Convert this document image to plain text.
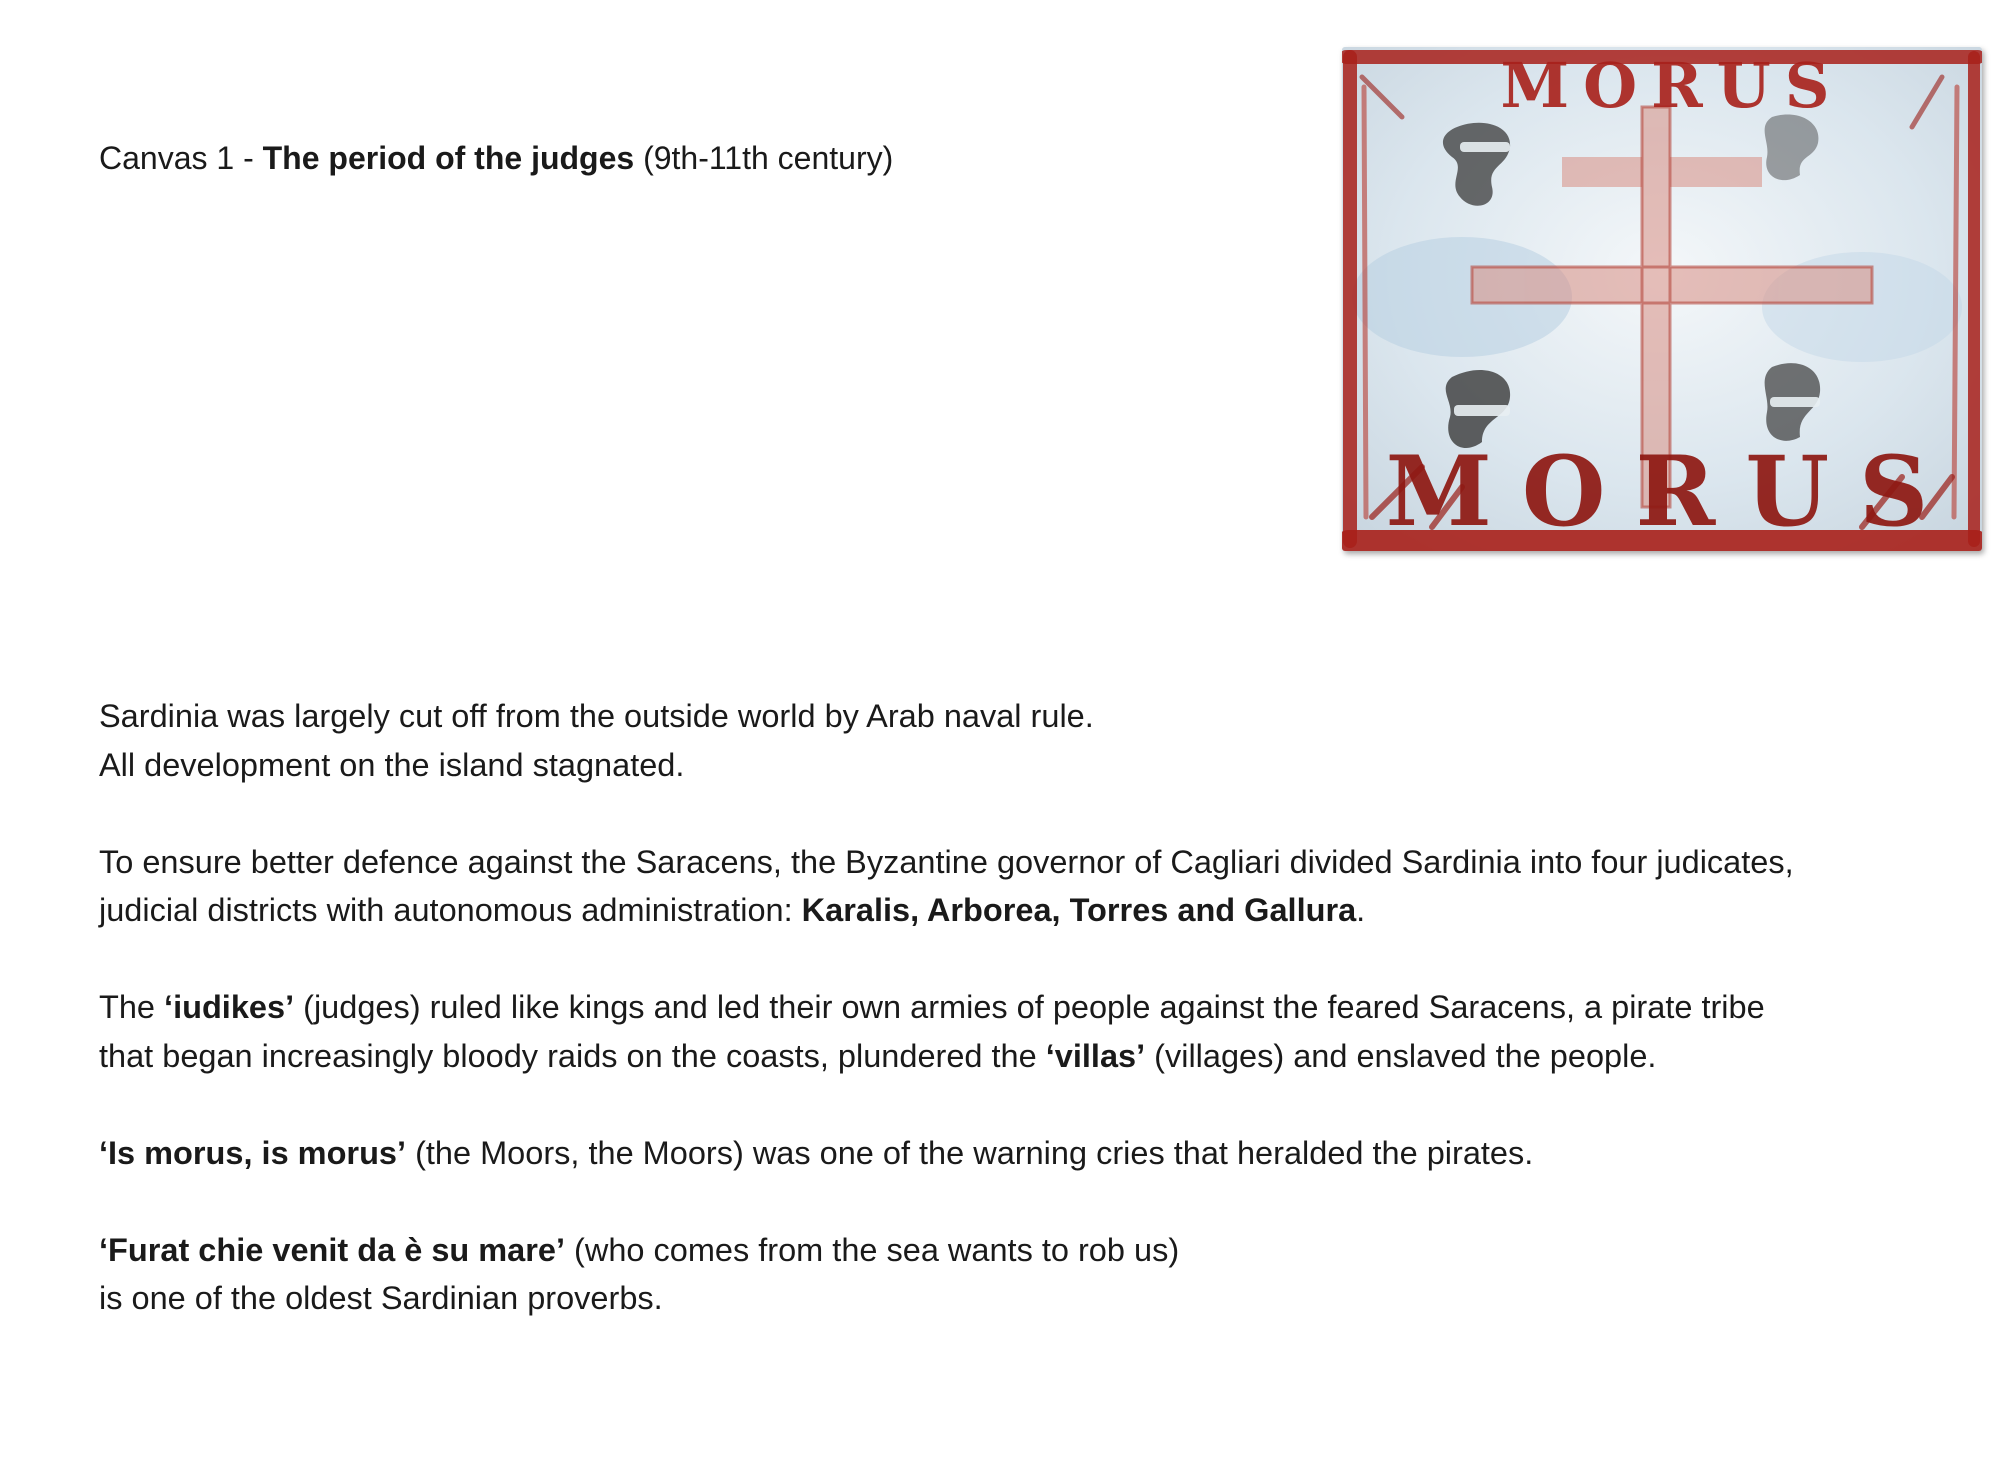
Canvas 1 - The period of the judges (9th-11th century)
MORUS
MORUS

Sardinia was largely cut off from the outside world by Arab naval rule.
All development on the island stagnated.

To ensure better defence against the Saracens, the Byzantine governor of Cagliari divided Sardinia into four judicates,
judicial districts with autonomous administration: Karalis, Arborea, Torres and Gallura.

The ‘iudikes’ (judges) ruled like kings and led their own armies of people against the feared Saracens, a pirate tribe
that began increasingly bloody raids on the coasts, plundered the ‘villas’ (villages) and enslaved the people.

‘Is morus, is morus’ (the Moors, the Moors) was one of the warning cries that heralded the pirates.

‘Furat chie venit da è su mare’ (who comes from the sea wants to rob us)
is one of the oldest Sardinian proverbs.
